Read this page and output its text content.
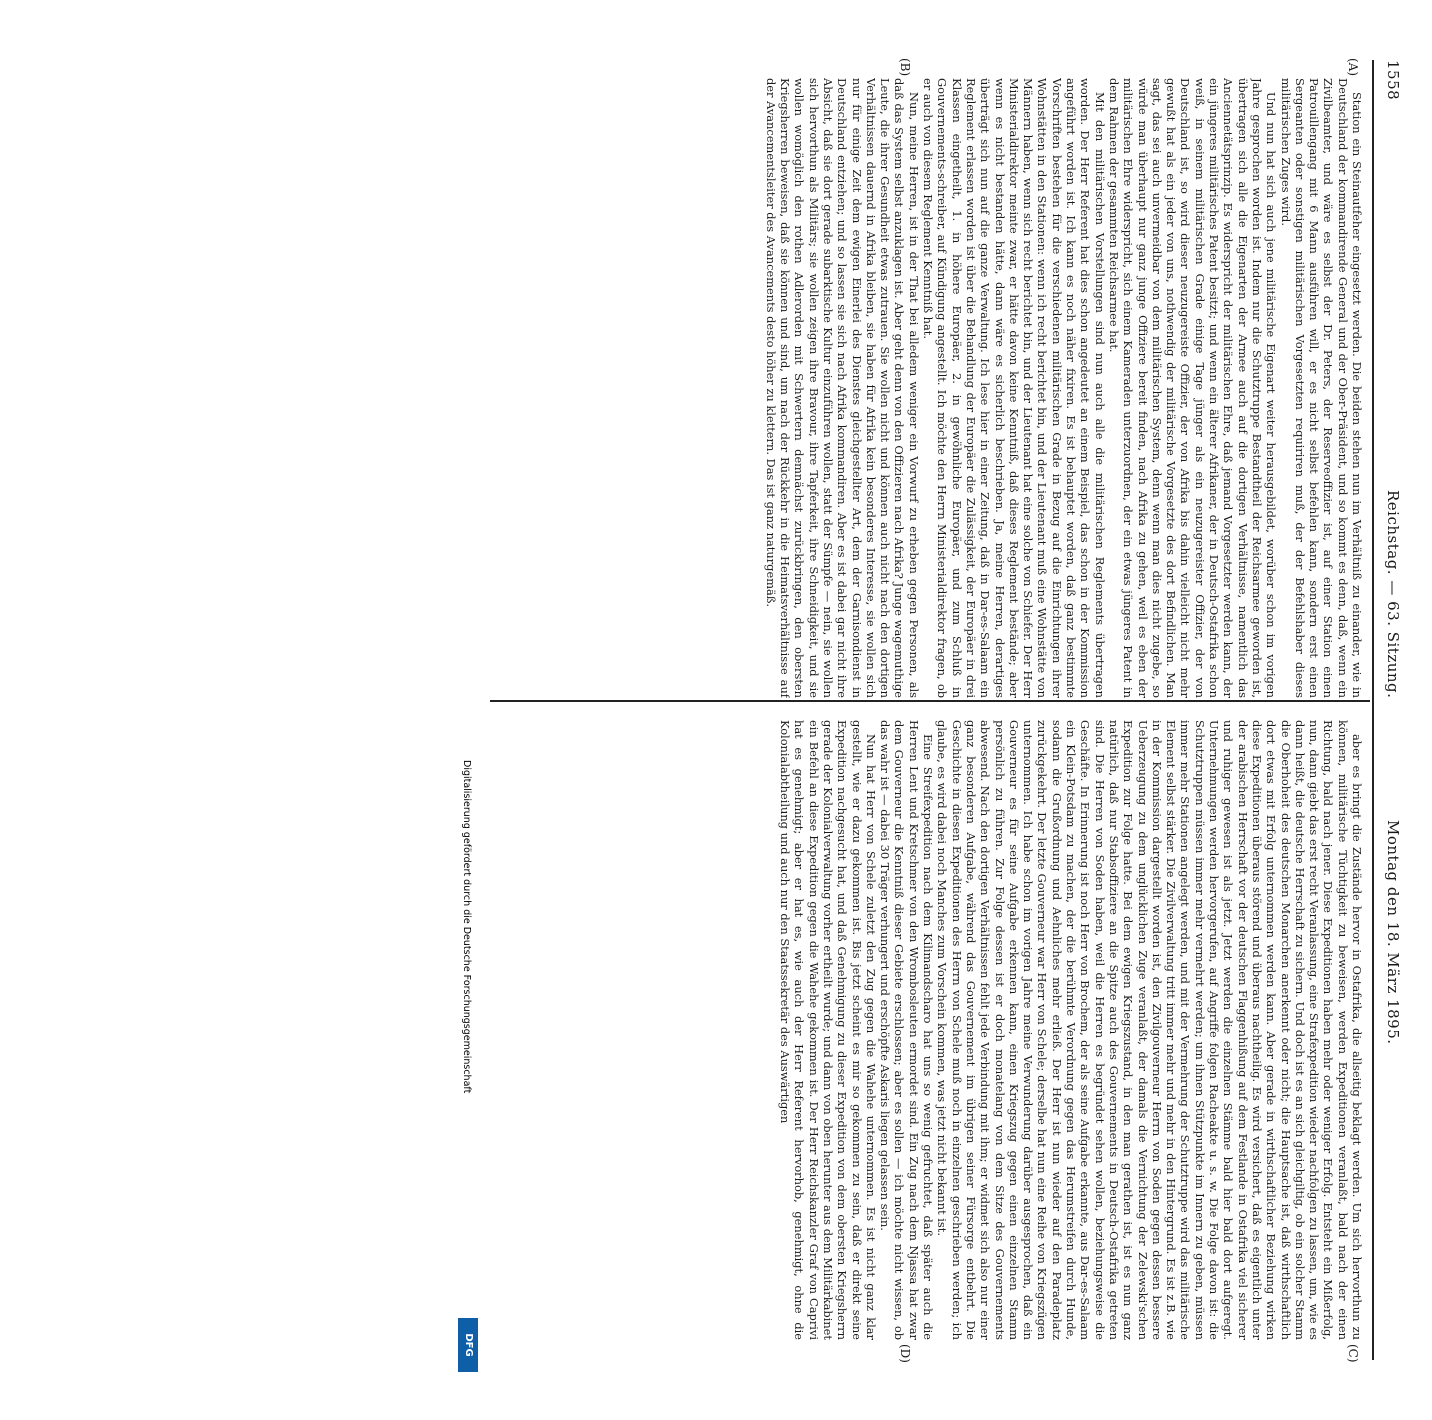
1558
Reichstag. — 63. Sitzung.
Montag den 18. März 1895.
(A)
(B)
(C)
(D)

Station ein Steinautfeher eingesetzt werden. Die beiden stehen nun im Verhältniß zu einander, wie in Deutschland der kommandirende General und der Ober-Präsident, und so kommt es denn, daß, wenn ein Zivilbeamter, und wäre es selbst der Dr. Peters, der Reserveoffizier ist, auf einer Station einen Patrouillengang mit 6 Mann ausführen will, er es nicht selbst befehlen kann, sondern erst einen Sergeanten oder sonstigen militärischen Vorgesetzten requiriren muß, der der Befehlshaber dieses militärischen Zuges wird.

Und nun hat sich auch jene militärische Eigenart weiter herausgebildet, worüber schon im vorigen Jahre gesprochen worden ist. Indem nur die Schutztruppe Bestandtheil der Reichsarmee geworden ist, übertragen sich alle die Eigenarten der Armee auch auf die dortigen Verhältnisse, namentlich das Anciennetätsprinzip. Es widerspricht der militärischen Ehre, daß jemand Vorgesetzter werden kann, der ein jüngeres militärisches Patent besitzt; und wenn ein älterer Afrikaner, der in Deutsch-Ostafrika schon weiß, in seinem militärischen Grade einige Tage jünger als ein neuzugereister Offizier, der von Deutschland ist, so wird dieser neuzugereiste Offizier, der von Afrika bis dahin vielleicht nicht mehr gewußt hat als ein jeder von uns, nothwendig der militärische Vorgesetzte des dort Befindlichen. Man sagt, das sei auch unvermeidbar von dem militärischen System, denn wenn man dies nicht zugebe, so würde man überhaupt nur ganz junge Offiziere bereit finden, nach Afrika zu gehen, weil es eben der militärischen Ehre widerspricht, sich einem Kameraden unterzuordnen, der ein etwas jüngeres Patent in dem Rahmen der gesammten Reichsarmee hat.

Mit den militärischen Vorstellungen sind nun auch alle die militärischen Reglements übertragen worden. Der Herr Referent hat dies schon angedeutet an einem Beispiel, das schon in der Kommission angeführt worden ist. Ich kann es noch näher fixiren. Es ist behauptet worden, daß ganz bestimmte Vorschriften bestehen für die verschiedenen militärischen Grade in Bezug auf die Einrichtungen ihrer Wohnstätten in den Stationen: wenn ich recht berichtet bin, und der Lieutenant muß eine Wohnstätte von Männern haben, wenn sich recht berichtet bin, und der Lieutenant hat eine solche von Schiefer. Der Herr Ministerialdirektor meinte zwar, er hätte davon keine Kenntniß, daß dieses Reglement bestände; aber wenn es nicht bestanden hätte, dann wäre es sicherlich beschrieben. Ja, meine Herren, derartiges überträgt sich nun auf die ganze Verwaltung. Ich lese hier in einer Zeitung, daß in Dar-es-Salaam ein Reglement erlassen worden ist über die Behandlung der Europäer die Zulässigkeit, der Europäer in drei Klassen eingetheilt, 1. in höhere Europäer, 2. in gewöhnliche Europäer, und zum Schluß in Gouvernements-schreiber, auf Kündigung angestellt. Ich möchte den Herrn Ministerialdirektor fragen, ob er auch von diesem Reglement Kenntniß hat.

Nun, meine Herren, ist in der That bei alledem weniger ein Vorwurf zu erheben gegen Personen, als daß das System selbst anzuklagen ist. Aber geht denn von den Offizieren nach Afrika? Junge wagemuthige Leute, die ihrer Gesundheit etwas zutrauen. Sie wollen nicht und können auch nicht nach den dortigen Verhältnissen dauernd in Afrika bleiben, sie haben für Afrika kein besonderes Interesse, sie wollen sich nur für einige Zeit dem ewigen Einerlei des Dienstes gleichgestellter Art, dem der Garnisondienst in Deutschland entziehen; und so lassen sie sich nach Afrika kommandiren. Aber es ist dabei gar nicht ihre Absicht, daß sie dort gerade subarktische Kultur einzuführen wollen, statt der Sümpfe — nein, sie wollen sich hervorthun als Militärs; sie wollen zeigen ihre Bravour, ihre Tapferkeit, ihre Schneidigkeit, und sie wollen womöglich den rothen Adlerorden mit Schwertern demnächst zurückbringen, den obersten Kriegsherren beweisen, daß sie können und sind, um nach der Rückkehr in die Heimatsverhältnisse auf der Avancementsleiter des Avancements desto höher zu klettern. Das ist ganz naturgemäß.

aber es bringt die Zustände hervor in Ostafrika, die allseitig beklagt werden. Um sich hervorthun zu können, militärische Tüchtigkeit zu beweisen, werden Expeditionen veranlaßt, bald nach der einen Richtung, bald nach jener. Diese Expeditionen haben mehr oder weniger Erfolg. Entsteht ein Mißerfolg, nun, dann giebt das erst recht Veranlassung, eine Strafexpedition wieder nachfolgen zu lassen, um, wie es dann heißt, die deutsche Herrschaft zu sichern. Und doch ist es an sich gleichgiltig, ob ein solcher Stamm die Oberhoheit des deutschen Monarchen anerkennt oder nicht; die Hauptsache ist, daß wirthschaftlich dort etwas mit Erfolg unternommen werden kann. Aber gerade in wirthschaftlicher Beziehung wirken diese Expeditionen überaus störend und überaus nachtheilig. Es wird versichert, daß es eigentlich unter der arabischen Herrschaft vor der deutschen Flaggenhißung auf dem Festlande in Ostafrika viel sicherer und ruhiger gewesen ist als jetzt. Jetzt werden die einzelnen Stämme bald hier bald dort aufgeregt. Unternehmungen werden hervorgerufen, auf Angriffe folgen Racheakte u. s. w. Die Folge davon ist: die Schutztruppen müssen immer mehr vermehrt werden; um ihnen Stützpunkte im Innern zu geben, müssen immer mehr Stationen angelegt werden, und mit der Vermehrung der Schutztruppe wird das militärische Element selbst stärker. Die Zivilverwaltung tritt immer mehr und mehr in den Hintergrund. Es ist z.B. wie in der Kommission dargestellt worden ist, den Zivilgouverneur Herrn von Soden gegen dessen bessere Ueberzeugung zu dem unglücklichen Zuge veranlaßt, der damals die Vernichtung der Zelewski'schen Expedition zur Folge hatte. Bei dem ewigen Kriegszustand, in den man gerathen ist, ist es nun ganz natürlich, daß nur Stabsoffiziere an die Spitze auch des Gouvernements in Deutsch-Ostafrika getreten sind. Die Herren von Soden haben, weil die Herren es begründet sehen wollen, beziehungsweise die Geschäfte. In Erinnerung ist noch Herr von Brochem, der als seine Aufgabe erkannte, aus Dar-es-Salaam ein Klein-Potsdam zu machen, der die berühmte Verordnung gegen das Herumstreifen durch Hunde, sodann die Grußordnung und Aehnliches mehr erließ. Der Herr ist nun wieder auf den Paradeplatz zurückgekehrt. Der letzte Gouverneur war Herr von Schele; derselbe hat nun eine Reihe von Kriegszügen unternommen. Ich habe schon im vorigen Jahre meine Verwunderung darüber ausgesprochen, daß ein Gouverneur es für seine Aufgabe erkennen kann, einen Kriegszug gegen einen einzelnen Stamm persönlich zu führen. Zur Folge dessen ist er doch monatelang von dem Sitze des Gouvernements abwesend. Nach den dortigen Verhältnissen fehlt jede Verbindung mit ihm; er widmet sich also nur einer ganz besonderen Aufgabe, während das Gouvernement im übrigen seiner Fürsorge entbehrt. Die Geschichte in diesen Expeditionen des Herrn von Schele muß noch in einzelnen geschrieben werden; ich glaube, es wird dabei noch Manches zum Vorschein kommen, was jetzt nicht bekannt ist.

Eine Streifexpedition nach dem Kilimandscharo hat uns so wenig gefruchtet, daß später auch die Herren Lent und Kretschmer von den Wrombosleuten ermordet sind. Ein Zug nach dem Njassa hat zwar dem Gouverneur die Kenntniß dieser Gebiete erschlossen; aber es sollen — ich möchte nicht wissen, ob das wahr ist — dabei 30 Träger verhungert und erschöpfte Askaris liegen gelassen sein.

Nun hat Herr von Schele zuletzt den Zug gegen die Wahehe unternommen. Es ist nicht ganz klar gestellt, wie er dazu gekommen ist. Bis jetzt scheint es mir so gekommen zu sein, daß er direkt seine Expedition nachgesucht hat, und daß Genehmigung zu dieser Expedition von dem obersten Kriegsherrn gerade der Kolonialverwaltung vorher ertheilt wurde; und dann von oben herunter aus dem Militärkabinet ein Befehl an diese Expedition gegen die Wahehe gekommen ist. Der Herr Reichskanzler Graf von Caprivi hat es genehmigt; aber er hat es, wie auch der Herr Referent hervorhob, genehmigt, ohne die Kolonialabtheilung und auch nur den Staatssekretär des Auswärtigen

Digitalisierung gefördert durch die Deutsche Forschungsgemeinschaft
DFG
